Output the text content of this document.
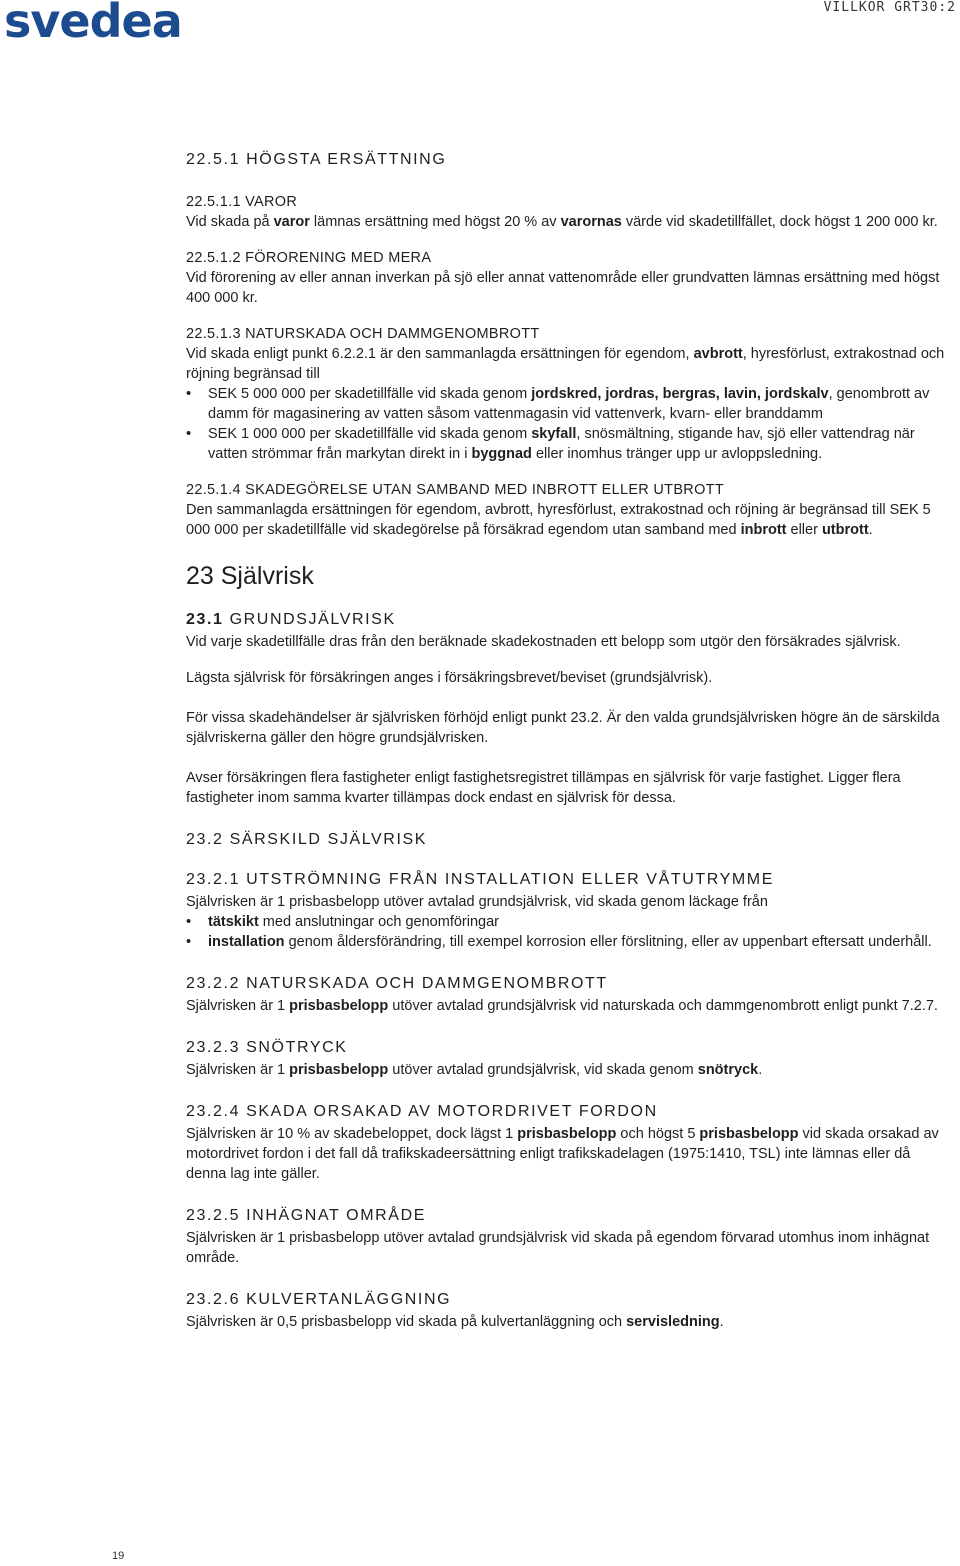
svedea	VILLKOR GRT30:2
22.5.1 HÖGSTA ERSÄTTNING
22.5.1.1 VAROR

Vid skada på varor lämnas ersättning med högst 20 % av varornas värde vid skadetillfället, dock högst 1 200 000 kr.

22.5.1.2 FÖRORENING MED MERA

Vid förorening av eller annan inverkan på sjö eller annat vattenområde eller grundvatten lämnas ersättning med högst 400 000 kr.

22.5.1.3 NATURSKADA OCH DAMMGENOMBROTT

Vid skada enligt punkt 6.2.2.1 är den sammanlagda ersättningen för egendom, avbrott, hyresförlust, extrakostnad och röjning begränsad till

• SEK 5 000 000 per skadetillfälle vid skada genom jordskred, jordras, bergras, lavin, jordskalv, genombrott av damm för magasinering av vatten såsom vattenmagasin vid vattenverk, kvarn- eller branddamm
• SEK 1 000 000 per skadetillfälle vid skada genom skyfall, snösmältning, stigande hav, sjö eller vattendrag när vatten strömmar från markytan direkt in i byggnad eller inomhus tränger upp ur avloppsledning.
22.5.1.4 SKADEGÖRELSE UTAN SAMBAND MED INBROTT ELLER UTBROTT

Den sammanlagda ersättningen för egendom, avbrott, hyresförlust, extrakostnad och röjning är begränsad till SEK 5 000 000 per skadetillfälle vid skadegörelse på försäkrad egendom utan samband med inbrott eller utbrott.

23 Självrisk
23.1 GRUNDSJÄLVRISK

Vid varje skadetillfälle dras från den beräknade skadekostnaden ett belopp som utgör den försäkrades självrisk.

Lägsta självrisk för försäkringen anges i försäkringsbrevet/beviset (grundsjälvrisk).

För vissa skadehändelser är självrisken förhöjd enligt punkt 23.2. Är den valda grundsjälvrisken högre än de särskilda självriskerna gäller den högre grundsjälvrisken.

Avser försäkringen flera fastigheter enligt fastighetsregistret tillämpas en självrisk för varje fastighet. Ligger flera fastigheter inom samma kvarter tillämpas dock endast en självrisk för dessa.

23.2 SÄRSKILD SJÄLVRISK
23.2.1 UTSTRÖMNING FRÅN INSTALLATION ELLER VÅTUTRYMME

Självrisken är 1 prisbasbelopp utöver avtalad grundsjälvrisk, vid skada genom läckage från

• tätskikt med anslutningar och genomföringar
• installation genom åldersförändring, till exempel korrosion eller förslitning, eller av uppenbart eftersatt underhåll.
23.2.2 NATURSKADA OCH DAMMGENOMBROTT

Självrisken är 1 prisbasbelopp utöver avtalad grundsjälvrisk vid naturskada och dammgenombrott enligt punkt 7.2.7.

23.2.3 SNÖTRYCK

Självrisken är 1 prisbasbelopp utöver avtalad grundsjälvrisk, vid skada genom snötryck.

23.2.4 SKADA ORSAKAD AV MOTORDRIVET FORDON

Självrisken är 10 % av skadebeloppet, dock lägst 1 prisbasbelopp och högst 5 prisbasbelopp vid skada orsakad av motordrivet fordon i det fall då trafikskadeersättning enligt trafikskadelagen (1975:1410, TSL) inte lämnas eller då denna lag inte gäller.

23.2.5 INHÄGNAT OMRÅDE

Självrisken är 1 prisbasbelopp utöver avtalad grundsjälvrisk vid skada på egendom förvarad utomhus inom inhägnat område.

23.2.6 KULVERTANLÄGGNING

Självrisken är 0,5 prisbasbelopp vid skada på kulvertanläggning och servisledning.

19
